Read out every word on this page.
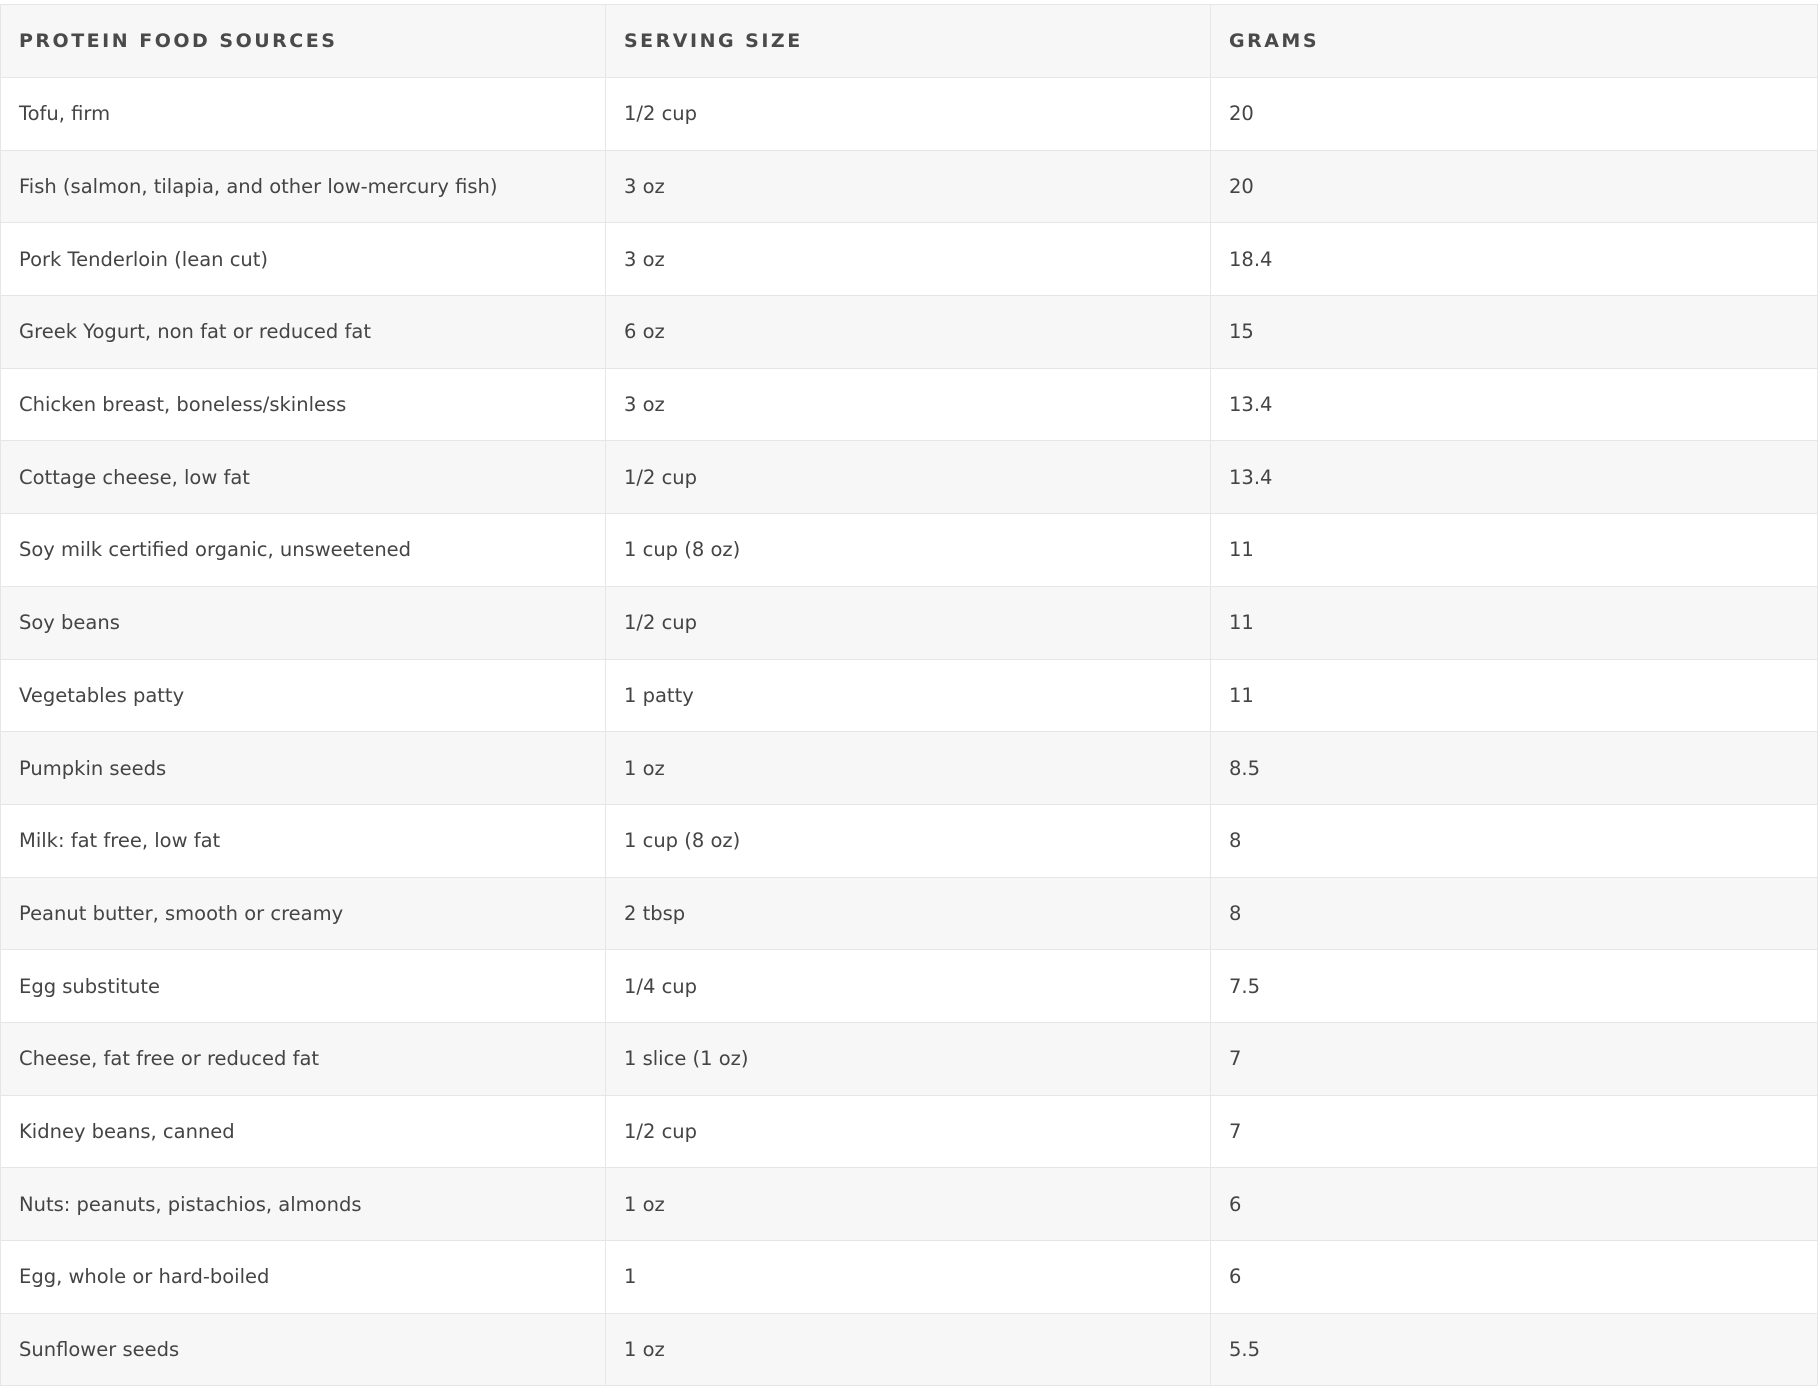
PROTEIN FOOD SOURCES	SERVING SIZE	GRAMS
Tofu, firm	1/2 cup	20
Fish (salmon, tilapia, and other low-mercury fish)	3 oz	20
Pork Tenderloin (lean cut)	3 oz	18.4
Greek Yogurt, non fat or reduced fat	6 oz	15
Chicken breast, boneless/skinless	3 oz	13.4
Cottage cheese, low fat	1/2 cup	13.4
Soy milk certified organic, unsweetened	1 cup (8 oz)	11
Soy beans	1/2 cup	11
Vegetables patty	1 patty	11
Pumpkin seeds	1 oz	8.5
Milk: fat free, low fat	1 cup (8 oz)	8
Peanut butter, smooth or creamy	2 tbsp	8
Egg substitute	1/4 cup	7.5
Cheese, fat free or reduced fat	1 slice (1 oz)	7
Kidney beans, canned	1/2 cup	7
Nuts: peanuts, pistachios, almonds	1 oz	6
Egg, whole or hard-boiled	1	6
Sunflower seeds	1 oz	5.5
